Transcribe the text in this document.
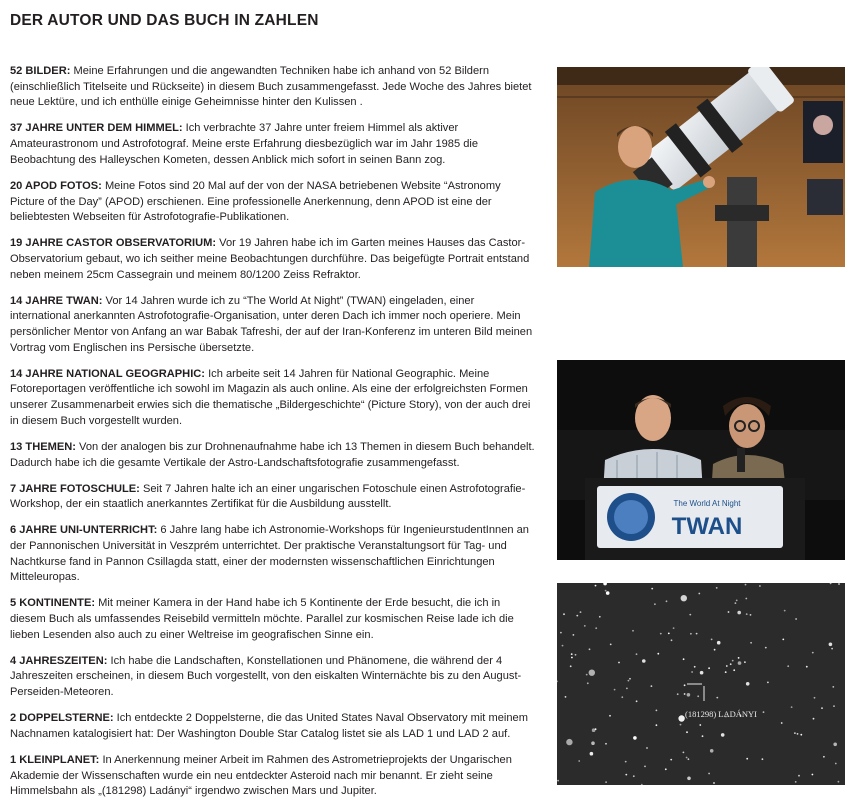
DER AUTOR UND DAS BUCH IN ZAHLEN

52 BILDER: Meine Erfahrungen und die angewandten Techniken habe ich anhand von 52 Bildern (einschließlich Titelseite und Rückseite) in diesem Buch zusammengefasst. Jede Woche des Jahres bietet neue Lektüre, und ich enthülle einige Geheimnisse hinter den Kulissen .

37 JAHRE UNTER DEM HIMMEL: Ich verbrachte 37 Jahre unter freiem Himmel als aktiver Amateurastronom und Astrofotograf. Meine erste Erfahrung diesbezüglich war im Jahr 1985 die Beobachtung des Halleyschen Kometen, dessen Anblick mich sofort in seinen Bann zog.

20 APOD FOTOS: Meine Fotos sind 20 Mal auf der von der NASA betriebenen Website “Astronomy Picture of the Day” (APOD) erschienen. Eine professionelle Anerkennung, denn APOD ist eine der beliebtesten Webseiten für Astrofotografie-Publikationen.

19 JAHRE CASTOR OBSERVATORIUM: Vor 19 Jahren habe ich im Garten meines Hauses das Castor-Observatorium gebaut, wo ich seither meine Beobachtungen durchführe. Das beigefügte Portrait entstand neben meinem 25cm Cassegrain und meinem 80/1200 Zeiss Refraktor.

14 JAHRE TWAN: Vor 14 Jahren wurde ich zu “The World At Night” (TWAN) eingeladen, einer international anerkannten Astrofotografie-Organisation, unter deren Dach ich immer noch operiere. Mein persönlicher Mentor von Anfang an war Babak Tafreshi, der auf der Iran-Konferenz im unteren Bild meinen Vortrag vom Englischen ins Persische übersetzte.

14 JAHRE NATIONAL GEOGRAPHIC: Ich arbeite seit 14 Jahren für National Geographic. Meine Fotoreportagen veröffentliche ich sowohl im Magazin als auch online. Als eine der erfolgreichsten Formen unserer Zusammenarbeit erwies sich die thematische „Bildergeschichte“ (Picture Story), von der auch drei in diesem Buch vorgestellt wurden.

13 THEMEN: Von der analogen bis zur Drohnenaufnahme habe ich 13 Themen in diesem Buch behandelt. Dadurch habe ich die gesamte Vertikale der Astro-Landschaftsfotografie zusammengefasst.

7 JAHRE FOTOSCHULE: Seit 7 Jahren halte ich an einer ungarischen Fotoschule einen Astrofotografie-Workshop, der ein staatlich anerkanntes Zertifikat für die Ausbildung ausstellt.

6 JAHRE UNI-UNTERRICHT: 6 Jahre lang habe ich Astronomie-Workshops für IngenieurstudentInnen an der Pannonischen Universität in Veszprém unterrichtet. Der praktische Veranstaltungsort für Tag- und Nachtkurse fand in Pannon Csillagda statt, einer der modernsten wissenschaftlichen Einrichtungen Mitteleuropas.

5 KONTINENTE: Mit meiner Kamera in der Hand habe ich 5 Kontinente der Erde besucht, die ich in diesem Buch als umfassendes Reisebild vermitteln möchte. Parallel zur kosmischen Reise lade ich die lieben Lesenden also auch zu einer Weltreise im geografischen Sinne ein.

4 JAHRESZEITEN: Ich habe die Landschaften, Konstellationen und Phänomene, die während der 4 Jahreszeiten erscheinen, in diesem Buch vorgestellt, von den eiskalten Winternächte bis zu den August-Perseiden-Meteoren.

2 DOPPELSTERNE: Ich entdeckte 2 Doppelsterne, die das United States Naval Observatory mit meinem Nachnamen katalogisiert hat: Der Washington Double Star Catalog listet sie als LAD 1 und LAD 2 auf.

1 KLEINPLANET: In Anerkennung meiner Arbeit im Rahmen des Astrometrieprojekts der Ungarischen Akademie der Wissenschaften wurde ein neu entdeckter Asteroid nach mir benannt. Er zieht seine Himmelsbahn als „(181298) Ladányi“ irgendwo zwischen Mars und Jupiter.

The World At Night
TWAN
(181298) LADÁNYI
